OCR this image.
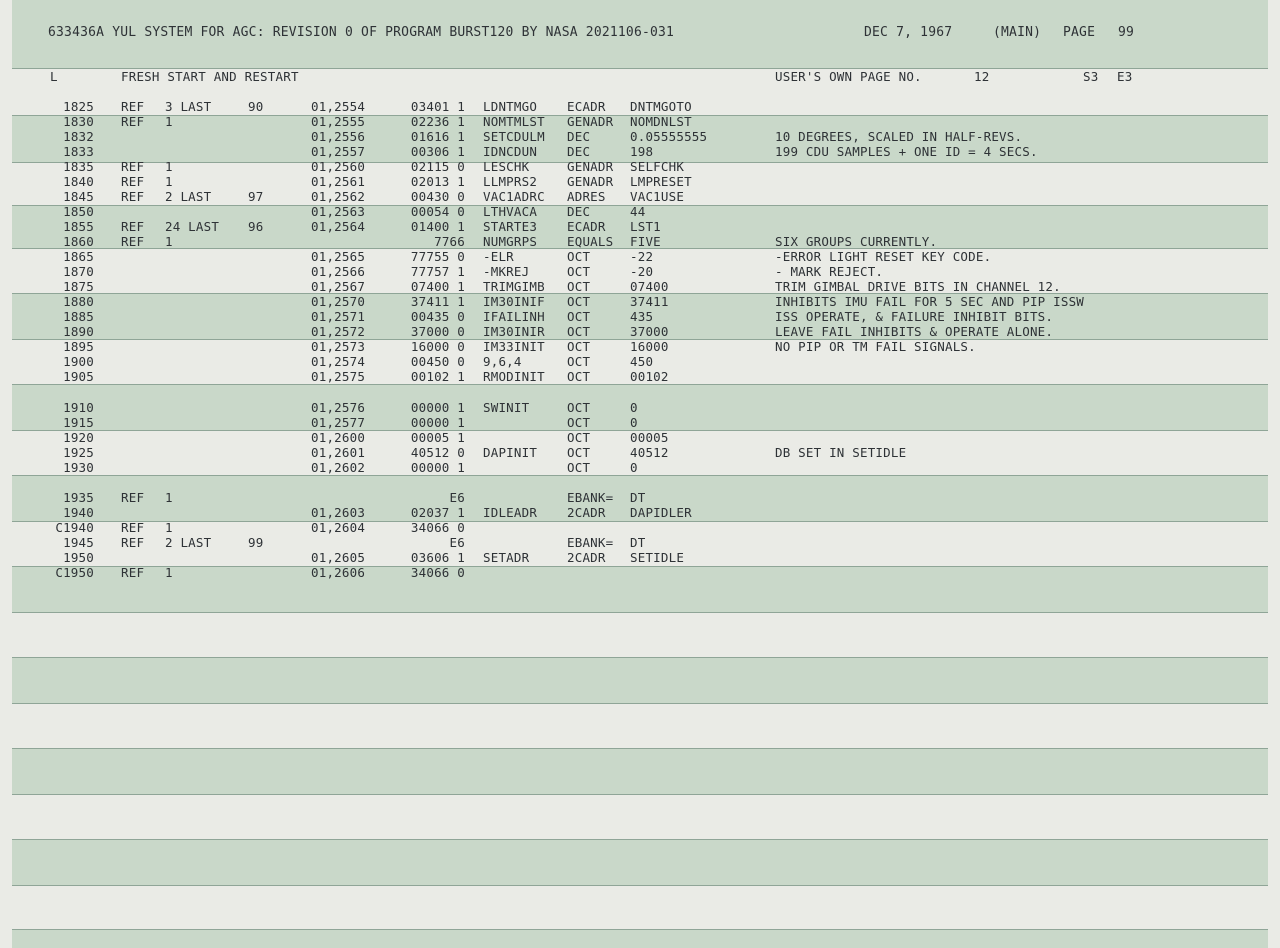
633436A YUL SYSTEM FOR AGC: REVISION 0 OF PROGRAM BURST120 BY NASA 2021106-031	DEC 7, 1967	(MAIN) PAGE 99
L	FRESH START AND RESTART	USER'S OWN PAGE NO.	12	S3 E3
1825 REF 3 LAST	90	01,2554	03401 1 LDNTMGO ECADR DNTMGOTO
1830 REF 1	01,2555	02236 1 NOMTMLST GENADR NOMDNLST
1832	01,2556	01616 1 SETCDULM DEC	0.05555555	10 DEGREES, SCALED IN HALF-REVS.
1833	01,2557	00306 1 IDNCDUN DEC	198	199 CDU SAMPLES + ONE ID = 4 SECS.
1835 REF 1	01,2560	02115 0 LESCHK	GENADR SELFCHK
1840 REF 1	01,2561	02013 1 LLMPRS2 GENADR LMPRESET
1845 REF 2 LAST	97	01,2562	00430 0 VAC1ADRC ADRES VAC1USE
1850	01,2563	00054 0 LTHVACA DEC	44
1855 REF 24 LAST 96	01,2564	01400 1 STARTE3 ECADR LST1
1860 REF 1	7766 NUMGRPS EQUALS FIVE	SIX GROUPS CURRENTLY.
1865	01,2565	77755 0 -ELR	OCT	-22	-ERROR LIGHT RESET KEY CODE.
1870	01,2566	77757 1 -MKREJ	OCT	-20	- MARK REJECT.
1875	01,2567	07400 1 TRIMGIMB OCT	07400	TRIM GIMBAL DRIVE BITS IN CHANNEL 12.
1880	01,2570	37411 1 IM30INIF OCT	37411	INHIBITS IMU FAIL FOR 5 SEC AND PIP ISSW
1885	01,2571	00435 0 IFAILINH OCT	435	ISS OPERATE, & FAILURE INHIBIT BITS.
1890	01,2572	37000 0 IM30INIR OCT	37000	LEAVE FAIL INHIBITS & OPERATE ALONE.
1895	01,2573	16000 0 IM33INIT OCT	16000	NO PIP OR TM FAIL SIGNALS.
1900	01,2574	00450 0 9,6,4	OCT	450
1905	01,2575	00102 1 RMODINIT OCT	00102
1910	01,2576	00000 1 SWINIT	OCT	0
1915	01,2577	00000 1	OCT	0
1920	01,2600	00005 1	OCT	00005
1925	01,2601	40512 0 DAPINIT OCT	40512	DB SET IN SETIDLE
1930	01,2602	00000 1	OCT	0
1935 REF 1	E6	EBANK= DT
1940	01,2603	02037 1 IDLEADR 2CADR DAPIDLER
C1940 REF 1	01,2604	34066 0
1945 REF 2 LAST	99	E6	EBANK= DT
1950	01,2605	03606 1 SETADR	2CADR SETIDLE
C1950 REF 1	01,2606	34066 0
